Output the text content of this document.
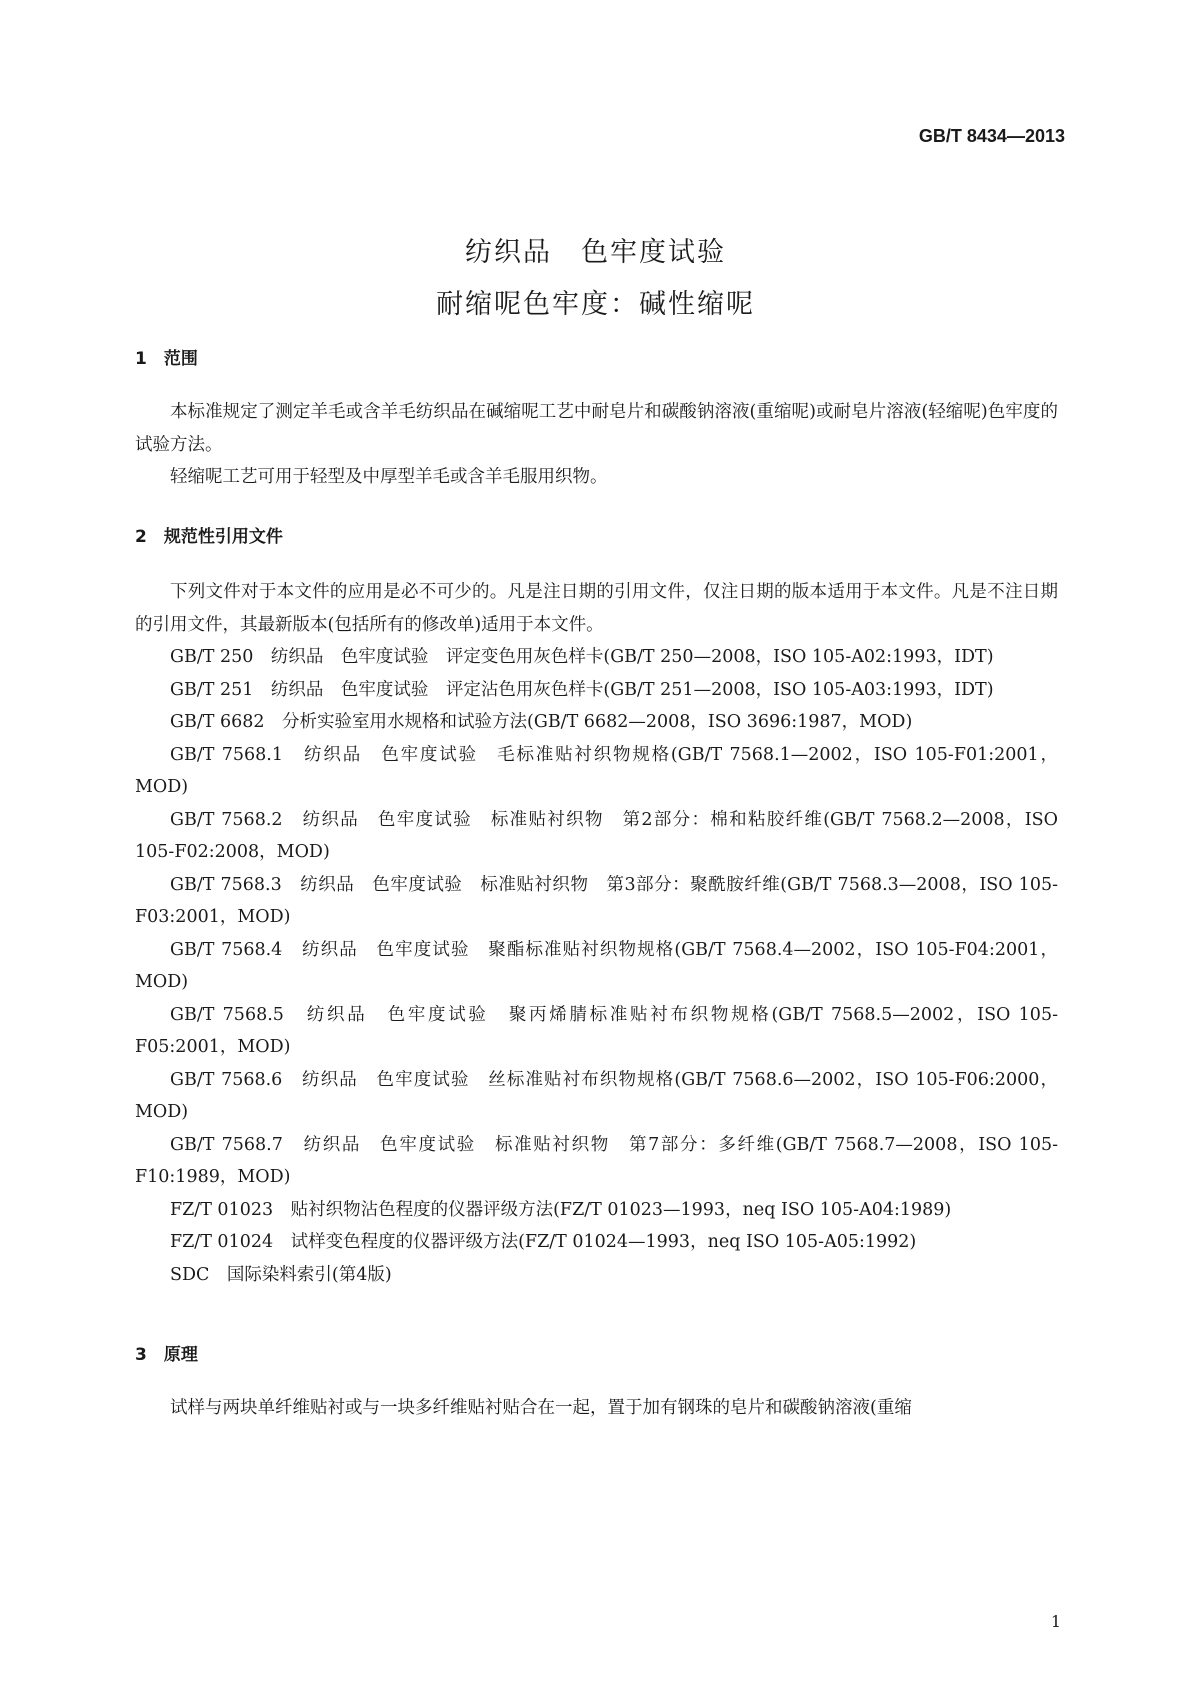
GB/T 8434—2013
纺织品　色牢度试验
耐缩呢色牢度：碱性缩呢
1　范围

本标准规定了测定羊毛或含羊毛纺织品在碱缩呢工艺中耐皂片和碳酸钠溶液(重缩呢)或耐皂片溶液(轻缩呢)色牢度的试验方法。

轻缩呢工艺可用于轻型及中厚型羊毛或含羊毛服用织物。

2　规范性引用文件

下列文件对于本文件的应用是必不可少的。凡是注日期的引用文件，仅注日期的版本适用于本文件。凡是不注日期的引用文件，其最新版本(包括所有的修改单)适用于本文件。

GB/T 250　纺织品　色牢度试验　评定变色用灰色样卡(GB/T 250—2008，ISO 105-A02:1993，IDT)

GB/T 251　纺织品　色牢度试验　评定沾色用灰色样卡(GB/T 251—2008，ISO 105-A03:1993，IDT)

GB/T 6682　分析实验室用水规格和试验方法(GB/T 6682—2008，ISO 3696:1987，MOD)

GB/T 7568.1　纺织品　色牢度试验　毛标准贴衬织物规格(GB/T 7568.1—2002，ISO 105-F01:2001，MOD)

GB/T 7568.2　纺织品　色牢度试验　标准贴衬织物　第2部分：棉和粘胶纤维(GB/T 7568.2—2008，ISO 105-F02:2008，MOD)

GB/T 7568.3　纺织品　色牢度试验　标准贴衬织物　第3部分：聚酰胺纤维(GB/T 7568.3—2008，ISO 105-F03:2001，MOD)

GB/T 7568.4　纺织品　色牢度试验　聚酯标准贴衬织物规格(GB/T 7568.4—2002，ISO 105-F04:2001，MOD)

GB/T 7568.5　纺织品　色牢度试验　聚丙烯腈标准贴衬布织物规格(GB/T 7568.5—2002，ISO 105-F05:2001，MOD)

GB/T 7568.6　纺织品　色牢度试验　丝标准贴衬布织物规格(GB/T 7568.6—2002，ISO 105-F06:2000，MOD)

GB/T 7568.7　纺织品　色牢度试验　标准贴衬织物　第7部分：多纤维(GB/T 7568.7—2008，ISO 105-F10:1989，MOD)

FZ/T 01023　贴衬织物沾色程度的仪器评级方法(FZ/T 01023—1993，neq ISO 105-A04:1989)

FZ/T 01024　试样变色程度的仪器评级方法(FZ/T 01024—1993，neq ISO 105-A05:1992)

SDC　国际染料索引(第4版)

3　原理

试样与两块单纤维贴衬或与一块多纤维贴衬贴合在一起，置于加有钢珠的皂片和碳酸钠溶液(重缩

1
